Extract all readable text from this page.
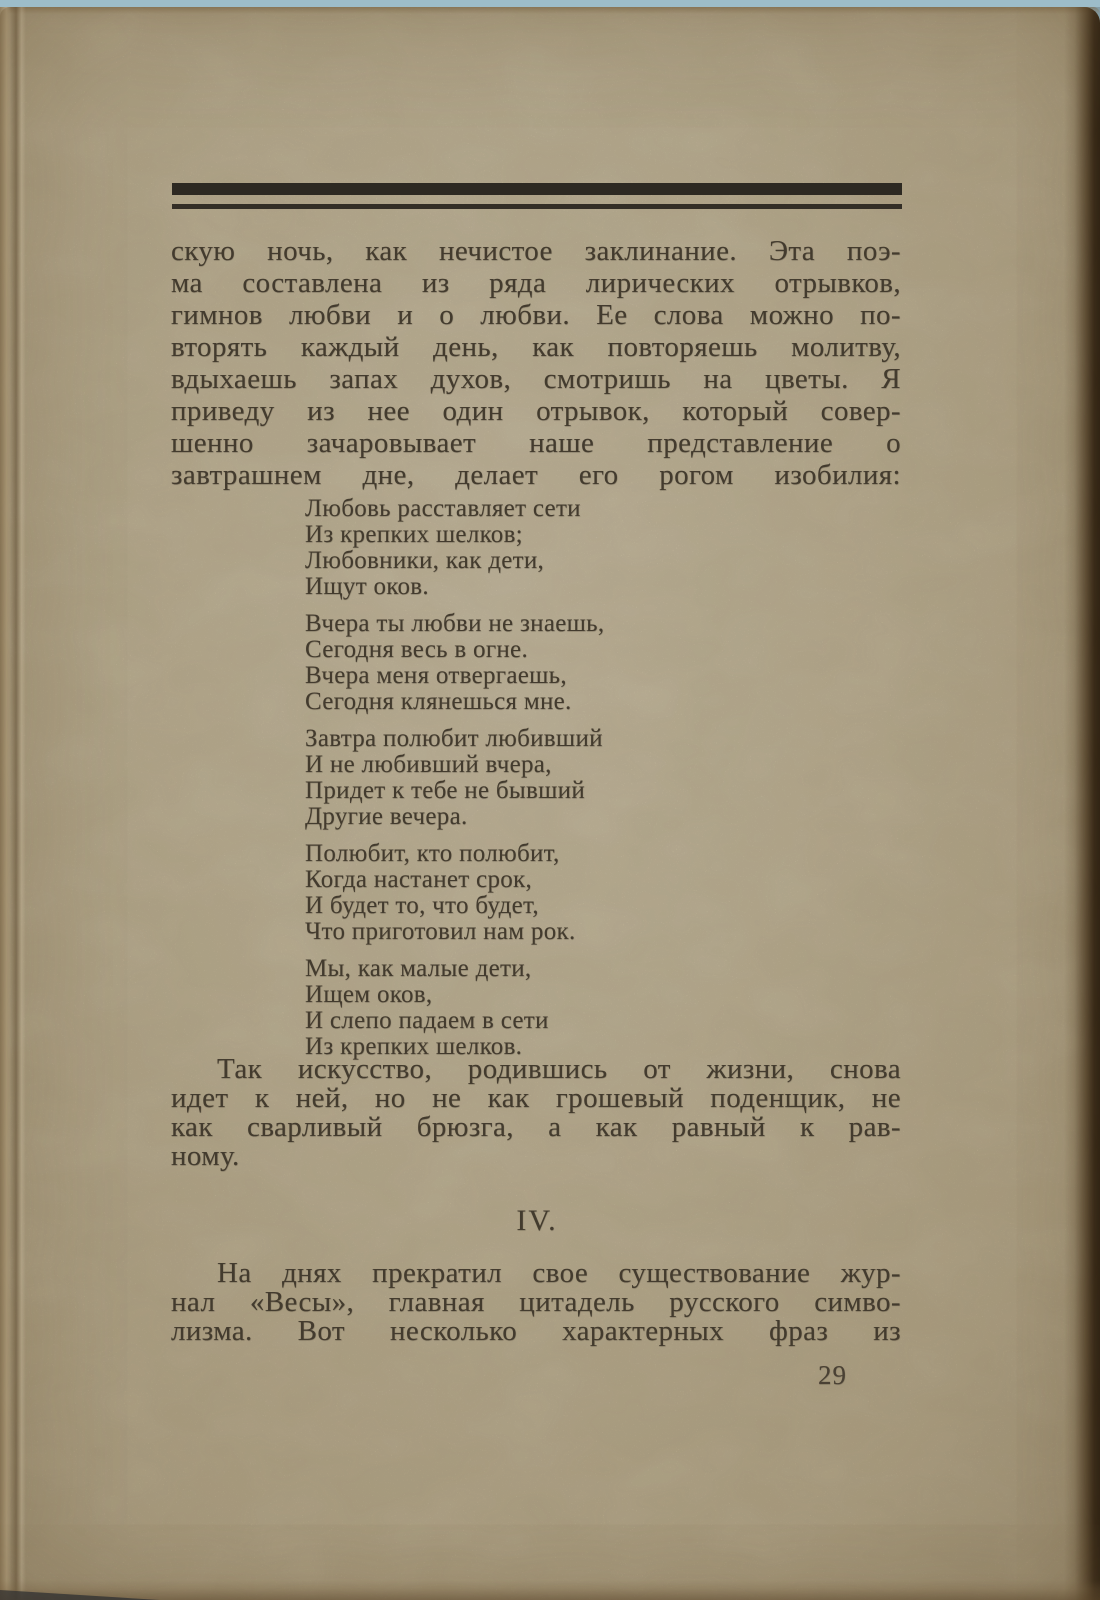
скую ночь, как нечистое заклинание. Эта поэ-
ма составлена из ряда лирических отрывков,
гимнов любви и о любви. Ее слова можно по-
вторять каждый день, как повторяешь молитву,
вдыхаешь запах духов, смотришь на цветы. Я
приведу из нее один отрывок, который совер-
шенно зачаровывает наше представление о
завтрашнем дне, делает его рогом изобилия:
Любовь расставляет сети
Из крепких шелков;
Любовники, как дети,
Ищут оков.
Вчера ты любви не знаешь,
Сегодня весь в огне.
Вчера меня отвергаешь,
Сегодня клянешься мне.
Завтра полюбит любивший
И не любивший вчера,
Придет к тебе не бывший
Другие вечера.
Полюбит, кто полюбит,
Когда настанет срок,
И будет то, что будет,
Что приготовил нам рок.
Мы, как малые дети,
Ищем оков,
И слепо падаем в сети
Из крепких шелков.
Так искусство, родившись от жизни, снова
идет к ней, но не как грошевый поденщик, не
как сварливый брюзга, а как равный к рав-
ному.
IV.
На днях прекратил свое существование жур-
нал «Весы», главная цитадель русского симво-
лизма. Вот несколько характерных фраз из
29
